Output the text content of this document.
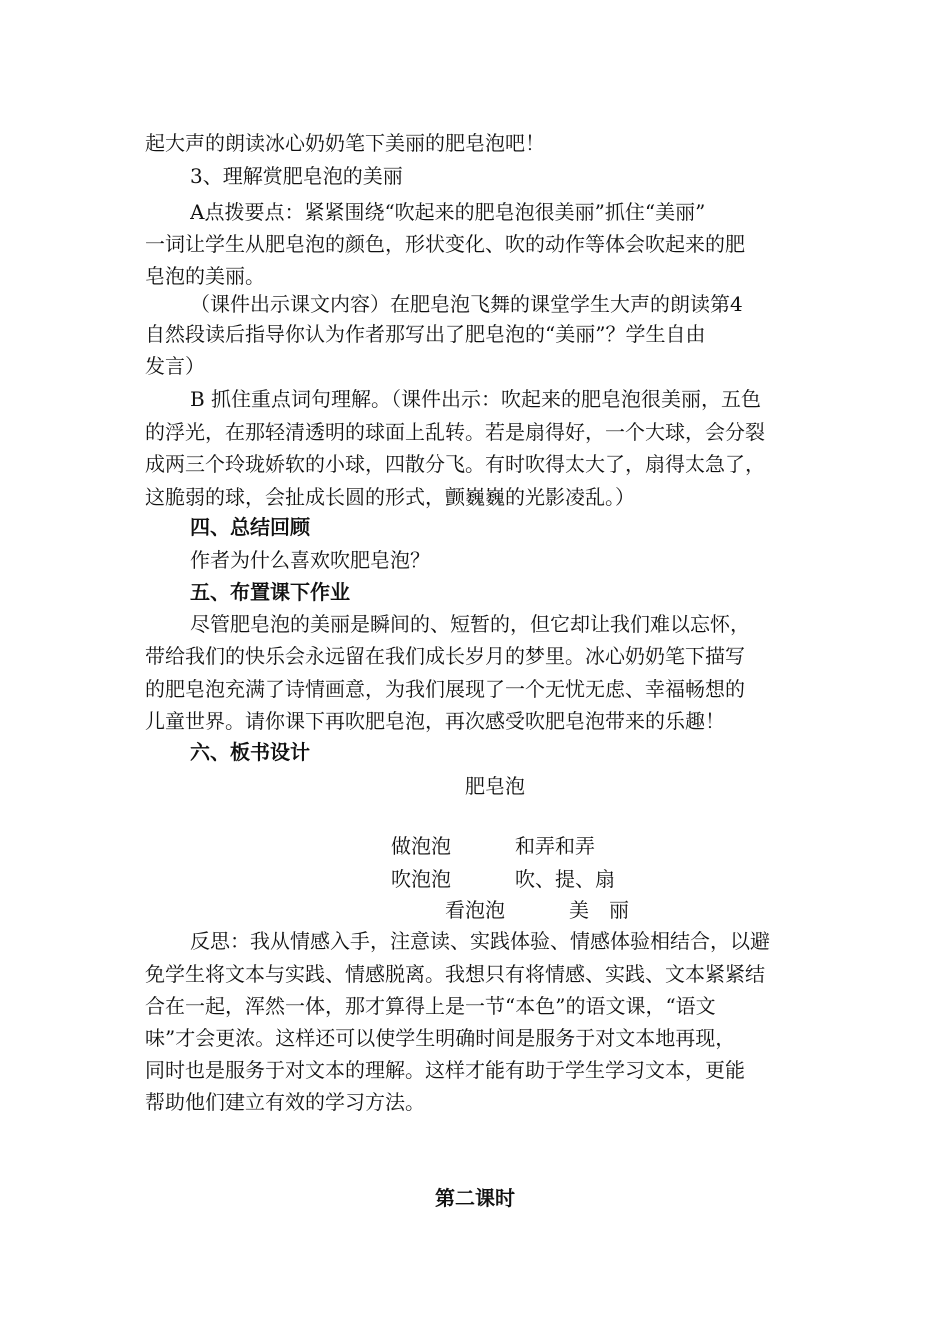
起大声的朗读冰心奶奶笔下美丽的肥皂泡吧！
3、理解赏肥皂泡的美丽
A点拨要点：紧紧围绕“吹起来的肥皂泡很美丽”抓住“美丽”
一词让学生从肥皂泡的颜色，形状变化、吹的动作等体会吹起来的肥
皂泡的美丽。
（课件出示课文内容）在肥皂泡飞舞的课堂学生大声的朗读第4
自然段读后指导你认为作者那写出了肥皂泡的“美丽”？学生自由
发言）
B 抓住重点词句理解。（课件出示：吹起来的肥皂泡很美丽，五色
的浮光，在那轻清透明的球面上乱转。若是扇得好，一个大球，会分裂
成两三个玲珑娇软的小球，四散分飞。有时吹得太大了，扇得太急了，
这脆弱的球，会扯成长圆的形式，颤巍巍的光影凌乱。）
四、总结回顾
作者为什么喜欢吹肥皂泡？
五、布置课下作业
尽管肥皂泡的美丽是瞬间的、短暂的，但它却让我们难以忘怀，
带给我们的快乐会永远留在我们成长岁月的梦里。冰心奶奶笔下描写
的肥皂泡充满了诗情画意，为我们展现了一个无忧无虑、幸福畅想的
儿童世界。请你课下再吹肥皂泡，再次感受吹肥皂泡带来的乐趣！
六、板书设计
肥皂泡
做泡泡	和弄和弄
吹泡泡	吹、提、扇
看泡泡	美　丽
反思：我从情感入手，注意读、实践体验、情感体验相结合，以避
免学生将文本与实践、情感脱离。我想只有将情感、实践、文本紧紧结
合在一起，浑然一体，那才算得上是一节“本色”的语文课，“语文
味”才会更浓。这样还可以使学生明确时间是服务于对文本地再现，
同时也是服务于对文本的理解。这样才能有助于学生学习文本，更能
帮助他们建立有效的学习方法。
第二课时
